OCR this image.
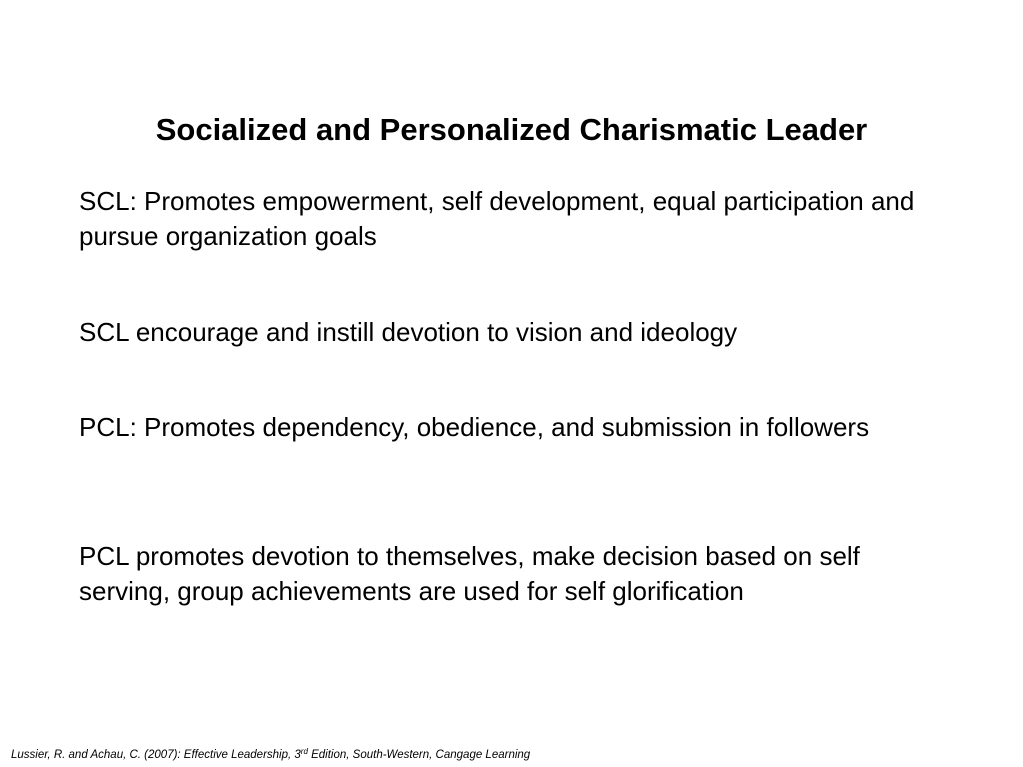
Socialized and Personalized Charismatic Leader
SCL: Promotes empowerment, self development, equal participation and pursue organization goals
SCL encourage and instill devotion to vision and ideology
PCL: Promotes dependency, obedience, and submission in followers
PCL promotes devotion to themselves, make decision based on self serving, group achievements are used for self glorification
Lussier, R. and Achau, C. (2007): Effective Leadership, 3rd Edition, South-Western, Cangage Learning
